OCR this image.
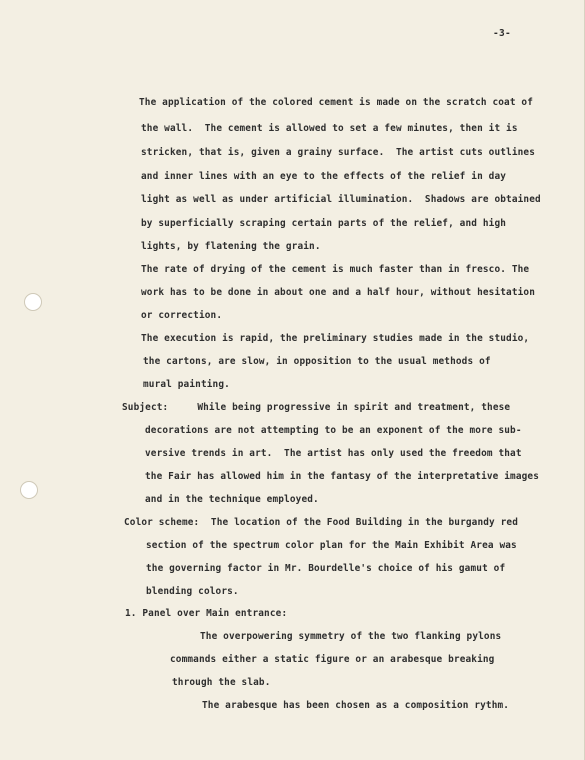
-3-
The application of the colored cement is made on the scratch coat of
the wall.  The cement is allowed to set a few minutes, then it is
stricken, that is, given a grainy surface.  The artist cuts outlines
and inner lines with an eye to the effects of the relief in day
light as well as under artificial illumination.  Shadows are obtained
by superficially scraping certain parts of the relief, and high
lights, by flatening the grain.
The rate of drying of the cement is much faster than in fresco. The
work has to be done in about one and a half hour, without hesitation
or correction.
The execution is rapid, the preliminary studies made in the studio,
the cartons, are slow, in opposition to the usual methods of
mural painting.
Subject:     While being progressive in spirit and treatment, these
decorations are not attempting to be an exponent of the more sub-
versive trends in art.  The artist has only used the freedom that
the Fair has allowed him in the fantasy of the interpretative images
and in the technique employed.
Color scheme:  The location of the Food Building in the burgandy red
section of the spectrum color plan for the Main Exhibit Area was
the governing factor in Mr. Bourdelle's choice of his gamut of
blending colors.
1. Panel over Main entrance:
The overpowering symmetry of the two flanking pylons
commands either a static figure or an arabesque breaking
through the slab.
The arabesque has been chosen as a composition rythm.
